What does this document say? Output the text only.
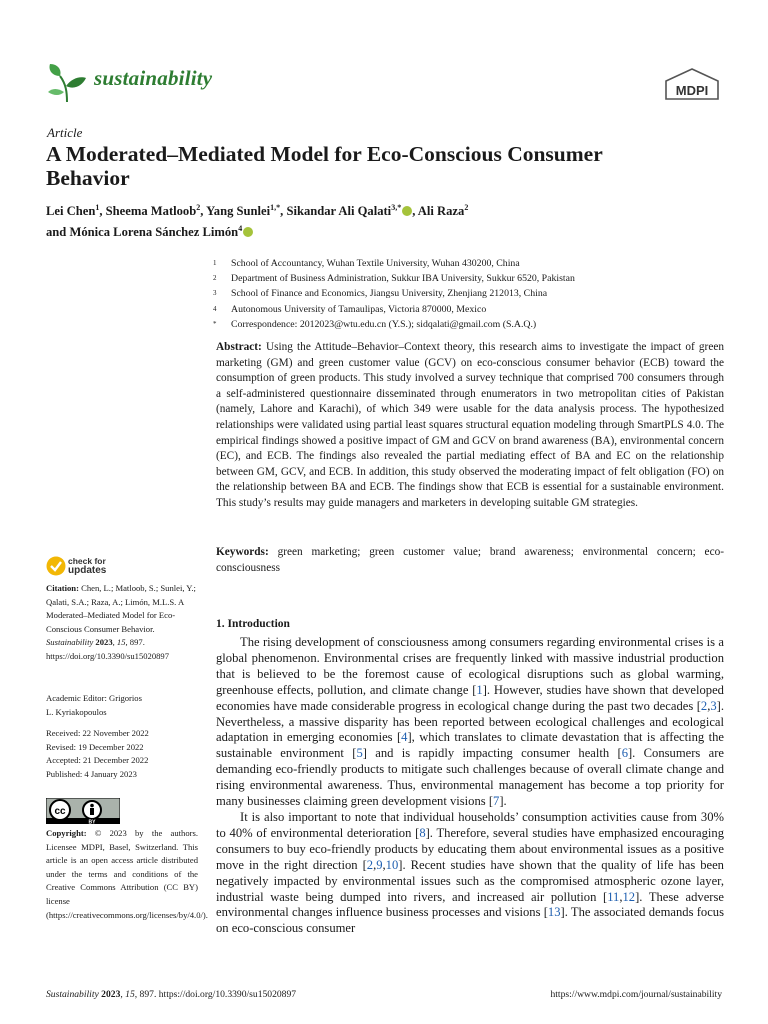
sustainability
MDPI
Article
A Moderated–Mediated Model for Eco-Conscious Consumer Behavior
Lei Chen$^1$, Sheema Matloob$^2$, Yang Sunlei$^{1,*}$, Sikandar Ali Qalati$^{3,*}$ , Ali Raza$^2$
and Mónica Lorena Sánchez Limón$^4$
1	School of Accountancy, Wuhan Textile University, Wuhan 430200, China
2	Department of Business Administration, Sukkur IBA University, Sukkur 6520, Pakistan
3	School of Finance and Economics, Jiangsu University, Zhenjiang 212013, China
4	Autonomous University of Tamaulipas, Victoria 870000, Mexico
*	Correspondence: 2012023@wtu.edu.cn (Y.S.); sidqalati@gmail.com (S.A.Q.)
Abstract: Using the Attitude–Behavior–Context theory, this research aims to investigate the impact of green marketing (GM) and green customer value (GCV) on eco-conscious consumer behavior (ECB) toward the consumption of green products. This study involved a survey technique that comprised 700 consumers through a self-administered questionnaire disseminated through enumerators in two metropolitan cities of Pakistan (namely, Lahore and Karachi), of which 349 were usable for the data analysis process. The hypothesized relationships were validated using partial least squares structural equation modeling through SmartPLS 4.0. The empirical findings showed a positive impact of GM and GCV on brand awareness (BA), environmental concern (EC), and ECB. The findings also revealed the partial mediating effect of BA and EC on the relationship between GM, GCV, and ECB. In addition, this study observed the moderating impact of felt obligation (FO) on the relationship between BA and ECB. The findings show that ECB is essential for a sustainable environment. This study’s results may guide managers and marketers in developing suitable GM strategies.
Keywords: green marketing; green customer value; brand awareness; environmental concern; eco-consciousness
check for
updates
Citation: Chen, L.; Matloob, S.; Sunlei, Y.; Qalati, S.A.; Raza, A.; Limón, M.L.S. A Moderated–Mediated Model for Eco-Conscious Consumer Behavior. Sustainability 2023, 15, 897. https://doi.org/10.3390/su15020897
Academic Editor: Grigorios
L. Kyriakopoulos
Received: 22 November 2022
Revised: 19 December 2022
Accepted: 21 December 2022
Published: 4 January 2023
cc
BY
Copyright: © 2023 by the authors. Licensee MDPI, Basel, Switzerland. This article is an open access article distributed under the terms and conditions of the Creative Commons Attribution (CC BY) license (https://creativecommons.org/licenses/by/4.0/).
1. Introduction

The rising development of consciousness among consumers regarding environmental crises is a global phenomenon. Environmental crises are frequently linked with massive industrial production that is believed to be the foremost cause of ecological disruptions such as global warming, greenhouse effects, pollution, and climate change [1]. However, studies have shown that developed economies have made considerable progress in ecological change during the past two decades [2,3]. Nevertheless, a massive disparity has been reported between ecological challenges and ecological adaptation in emerging economies [4], which translates to climate devastation that is affecting the sustainable environment [5] and is rapidly impacting consumer health [6]. Consumers are demanding eco-friendly products to mitigate such challenges because of overall climate change and rising environmental awareness. Thus, environmental management has become a top priority for many businesses claiming green development visions [7].

It is also important to note that individual households’ consumption activities cause from 30% to 40% of environmental deterioration [8]. Therefore, several studies have emphasized encouraging consumers to buy eco-friendly products by educating them about environmental issues as a positive move in the right direction [2,9,10]. Recent studies have shown that the quality of life has been negatively impacted by environmental issues such as the compromised atmospheric ozone layer, industrial waste being dumped into rivers, and increased air pollution [11,12]. These adverse environmental changes influence business processes and visions [13]. The associated demands focus on eco-conscious consumer

Sustainability 2023, 15, 897. https://doi.org/10.3390/su15020897	https://www.mdpi.com/journal/sustainability
